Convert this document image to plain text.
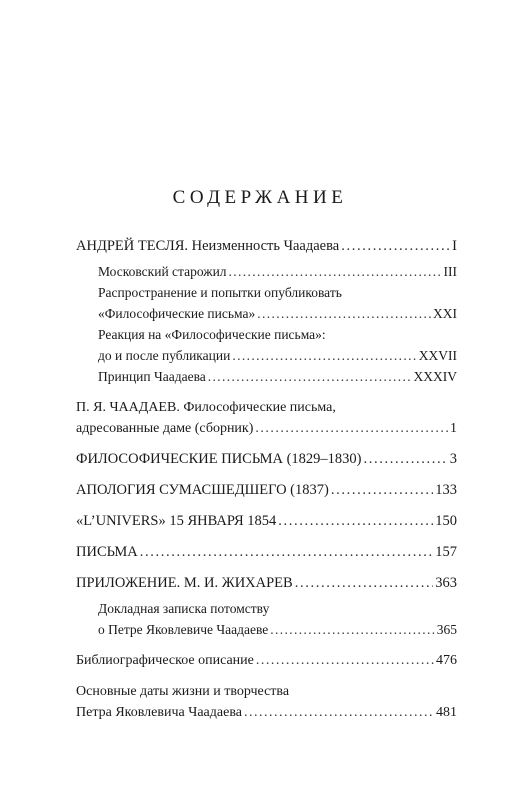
СОДЕРЖАНИЕ
АНДРЕЙ ТЕСЛЯ. Неизменность Чаадаева . . .	I
Московский старожил . . .	III
Распространение и попытки опубликовать
«Философические письма» . . .	XXI
Реакция на «Философические письма»:
до и после публикации . . .	XXVII
Принцип Чаадаева . . .	XXXIV
П. Я. ЧААДАЕВ. Философические письма,
адресованные даме (сборник) . . .	1
ФИЛОСОФИЧЕСКИЕ ПИСЬМА (1829–1830) . . .	3
АПОЛОГИЯ СУМАСШЕДШЕГО (1837) . . .	133
«L’UNIVERS» 15 ЯНВАРЯ 1854 . . .	150
ПИСЬМА . . .	157
ПРИЛОЖЕНИЕ. М. И. ЖИХАРЕВ . . .	363
Докладная записка потомству
о Петре Яковлевиче Чаадаеве . . .	365
Библиографическое описание . . .	476
Основные даты жизни и творчества
Петра Яковлевича Чаадаева . . .	481
